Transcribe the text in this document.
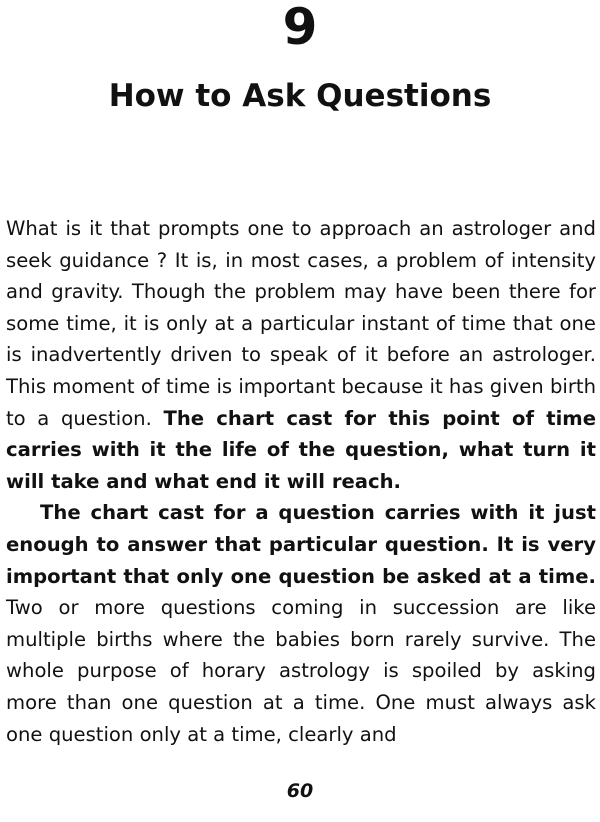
9
How to Ask Questions

What is it that prompts one to approach an astrologer and seek guidance ? It is, in most cases, a problem of intensity and gravity. Though the problem may have been there for some time, it is only at a particular instant of time that one is inadvertently driven to speak of it before an astrologer. This moment of time is important because it has given birth to a question. The chart cast for this point of time carries with it the life of the question, what turn it will take and what end it will reach.

The chart cast for a question carries with it just enough to answer that particular question. It is very important that only one question be asked at a time. Two or more questions coming in succession are like multiple births where the babies born rarely survive. The whole purpose of horary astrology is spoiled by asking more than one question at a time. One must always ask one question only at a time, clearly and

60
